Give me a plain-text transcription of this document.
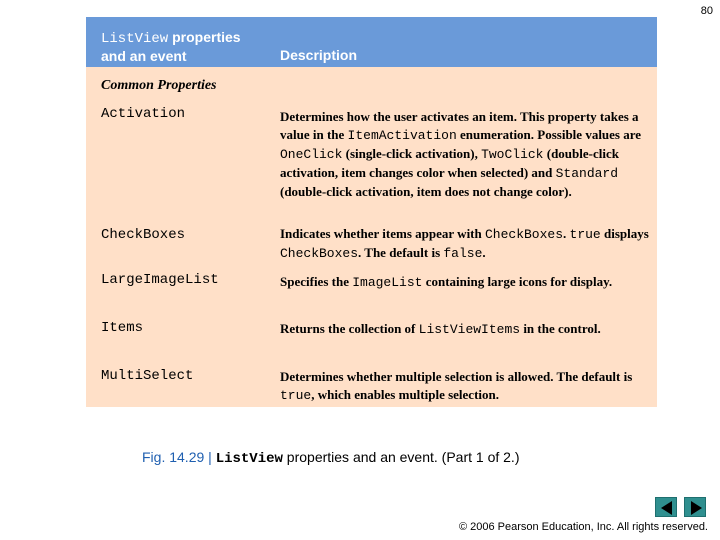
80
ListView properties
and an event	Description
Common Properties
Activation	Determines how the user activates an item. This property takes a value in the ItemActivation enumeration. Possible values are OneClick (single-click activation), TwoClick (double-click activation, item changes color when selected) and Standard (double-click activation, item does not change color).
CheckBoxes	Indicates whether items appear with CheckBoxes. true displays CheckBoxes. The default is false.
LargeImageList	Specifies the ImageList containing large icons for display.
Items	Returns the collection of ListViewItems in the control.
MultiSelect	Determines whether multiple selection is allowed. The default is true, which enables multiple selection.
Fig. 14.29 | ListView properties and an event. (Part 1 of 2.)
© 2006 Pearson Education, Inc. All rights reserved.
